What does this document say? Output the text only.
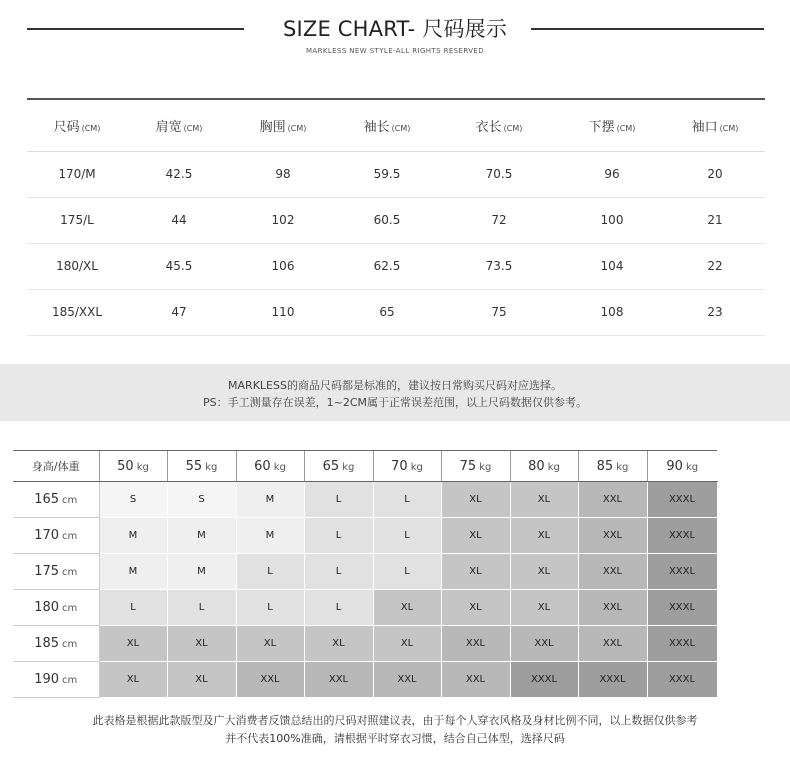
SIZE CHART- 尺码展示
MARKLESS NEW STYLE-ALL RIGHTS RESERVED
尺码 (CM)	肩宽 (CM)	胸围 (CM)	袖长 (CM)	衣长 (CM)	下摆 (CM)	袖口 (CM)
170/M	42.5	98	59.5	70.5	96	20
175/L	44	102	60.5	72	100	21
180/XL	45.5	106	62.5	73.5	104	22
185/XXL	47	110	65	75	108	23

MARKLESS的商品尺码都是标准的，建议按日常购买尺码对应选择。

PS：手工测量存在误差，1~2CM属于正常误差范围，以上尺码数据仅供参考。

身高/体重	50 kg	55 kg	60 kg	65 kg	70 kg	75 kg	80 kg	85 kg	90 kg
165 cm	S	S	M	L	L	XL	XL	XXL	XXXL
170 cm	M	M	M	L	L	XL	XL	XXL	XXXL
175 cm	M	M	L	L	L	XL	XL	XXL	XXXL
180 cm	L	L	L	L	XL	XL	XL	XXL	XXXL
185 cm	XL	XL	XL	XL	XL	XXL	XXL	XXL	XXXL
190 cm	XL	XL	XXL	XXL	XXL	XXL	XXXL	XXXL	XXXL
此表格是根据此款版型及广大消费者反馈总结出的尺码对照建议表，由于每个人穿衣风格及身材比例不同，以上数据仅供参考
并不代表100%准确，请根据平时穿衣习惯，结合自己体型，选择尺码
